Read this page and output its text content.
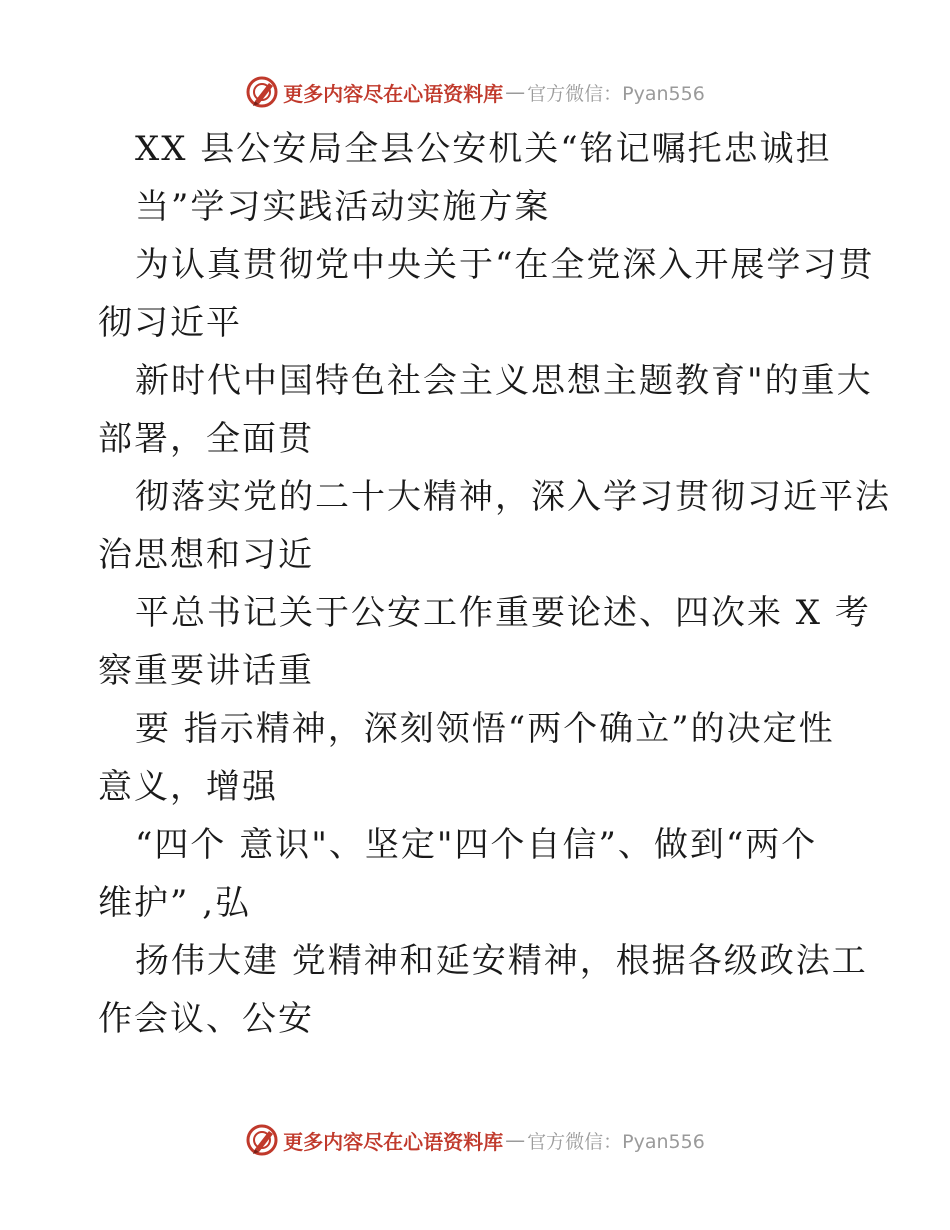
更多内容尽在心语资料库 — 官方微信：Pyan556
XX 县公安局全县公安机关“铭记嘱托忠诚担
当”学习实践活动实施方案
为认真贯彻党中央关于“在全党深入开展学习贯
彻习近平
新时代中国特色社会主义思想主题教育"的重大
部署，全面贯
彻落实党的二十大精神，深入学习贯彻习近平法
治思想和习近
平总书记关于公安工作重要论述、四次来 X 考
察重要讲话重
要 指示精神，深刻领悟“两个确立”的决定性
意义，增强
“四个 意识"、坚定"四个自信”、做到“两个
维护” ,弘
扬伟大建 党精神和延安精神，根据各级政法工
作会议、公安
更多内容尽在心语资料库 — 官方微信：Pyan556
